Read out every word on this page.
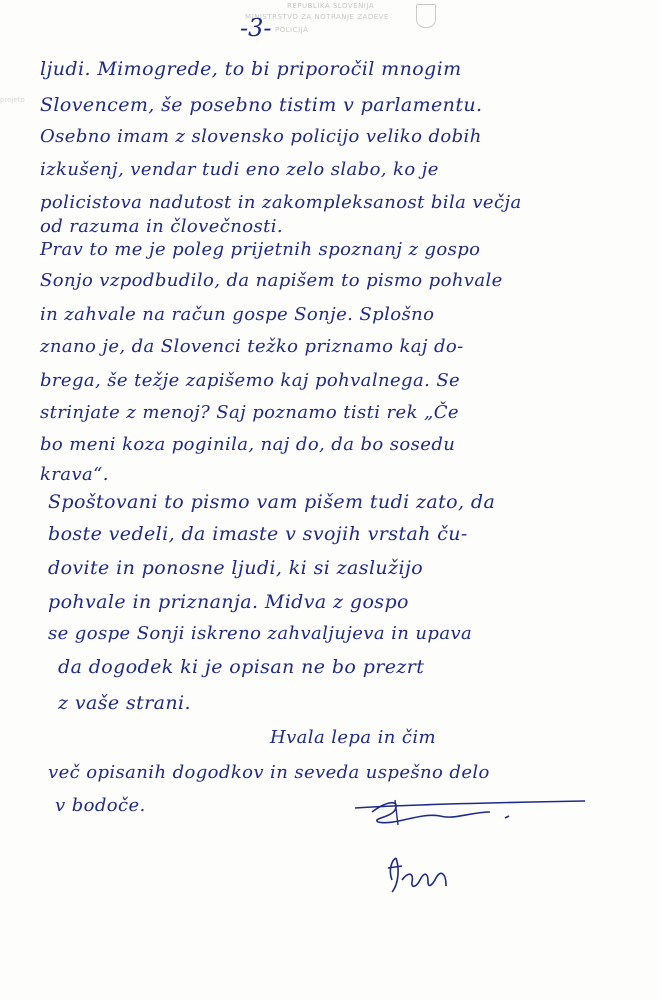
REPUBLIKA SLOVENIJA
MINISTRSTVO ZA NOTRANJE ZADEVE
POLICIJA
prejeto
-3-
ljudi. Mimogrede, to bi priporočil mnogim
Slovencem, še posebno tistim v parlamentu.
Osebno imam z slovensko policijo veliko dobih
izkušenj, vendar tudi eno zelo slabo, ko je
policistova nadutost in zakompleksanost bila večja
od razuma in človečnosti.
Prav to me je poleg prijetnih spoznanj z gospo
Sonjo vzpodbudilo, da napišem to pismo pohvale
in zahvale na račun gospe Sonje. Splošno
znano je, da Slovenci težko priznamo kaj do-
brega, še težje zapišemo kaj pohvalnega. Se
strinjate z menoj? Saj poznamo tisti rek „Če
bo meni koza poginila, naj do, da bo sosedu
krava“.
Spoštovani to pismo vam pišem tudi zato, da
boste vedeli, da imaste v svojih vrstah ču-
dovite in ponosne ljudi, ki si zaslužijo
pohvale in priznanja. Midva z gospo
se gospe Sonji iskreno zahvaljujeva in upava
da dogodek ki je opisan ne bo prezrt
z vaše strani.
Hvala lepa in čim
več opisanih dogodkov in seveda uspešno delo
v bodoče.
